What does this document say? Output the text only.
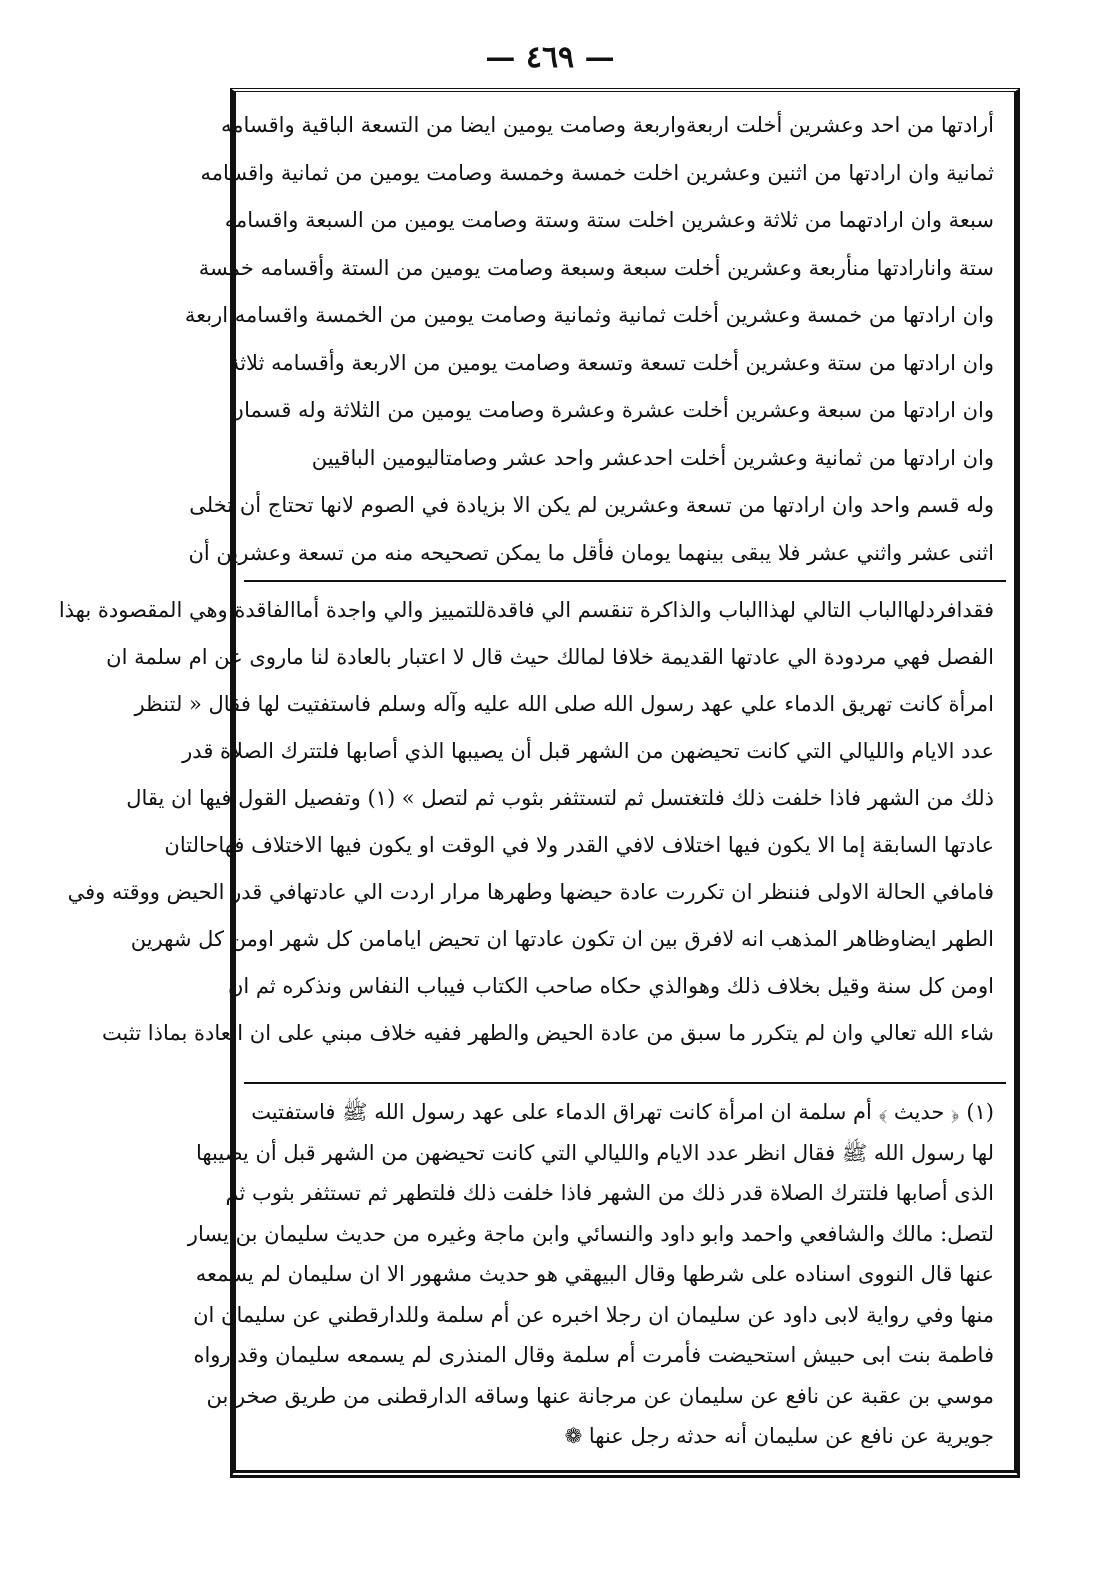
— ٤٦٩ —

أرادتها من احد وعشرين أخلت اربعةواربعة وصامت يومين ايضا من التسعة الباقية واقسامه

ثمانية وان ارادتها من اثنين وعشرين اخلت خمسة وخمسة وصامت يومين من ثمانية واقسامه

سبعة وان ارادتهما من ثلاثة وعشرين اخلت ستة وستة وصامت يومين من السبعة واقسامه

ستة وانارادتها منأربعة وعشرين أخلت سبعة وسبعة وصامت يومين من الستة وأقسامه خمسة

وان ارادتها من خمسة وعشرين أخلت ثمانية وثمانية وصامت يومين من الخمسة واقسامه اربعة

وان ارادتها من ستة وعشرين أخلت تسعة وتسعة وصامت يومين من الاربعة وأقسامه ثلاثة

وان ارادتها من سبعة وعشرين أخلت عشرة وعشرة وصامت يومين من الثلاثة وله قسمان

وان ارادتها من ثمانية وعشرين أخلت احدعشر واحد عشر وصامتاليومين الباقيين

وله قسم واحد وان ارادتها من تسعة وعشرين لم يكن الا بزيادة في الصوم لانها تحتاج أن تخلى

اثنى عشر واثني عشر فلا يبقى بينهما يومان فأقل ما يمكن تصحيحه منه من تسعة وعشرين أن

فقدافردلهاالباب التالي لهذاالباب والذاكرة تنقسم الي فاقدةللتمييز والي واجدة أماالفاقدة وهي المقصودة بهذا

الفصل فهي مردودة الي عادتها القديمة خلافا لمالك حيث قال لا اعتبار بالعادة لنا ماروى عن ام سلمة ان

امرأة كانت تهريق الدماء علي عهد رسول الله صلى الله عليه وآله وسلم فاستفتيت لها فقال « لتنظر

عدد الايام والليالي التي كانت تحيضهن من الشهر قبل أن يصيبها الذي أصابها فلتترك الصلاة قدر

ذلك من الشهر فاذا خلفت ذلك فلتغتسل ثم لتستثفر بثوب ثم لتصل » (١) وتفصيل القول فيها ان يقال

عادتها السابقة إما الا يكون فيها اختلاف لافي القدر ولا في الوقت او يكون فيها الاختلاف فهاحالتان

فامافي الحالة الاولى فننظر ان تكررت عادة حيضها وطهرها مرار اردت الي عادتهافي قدر الحيض ووقته وفي

الطهر ايضاوظاهر المذهب انه لافرق بين ان تكون عادتها ان تحيض ايامامن كل شهر اومن كل شهرين

اومن كل سنة وقيل بخلاف ذلك وهوالذي حكاه صاحب الكتاب فيباب النفاس ونذكره ثم ان

شاء الله تعالي وان لم يتكرر ما سبق من عادة الحيض والطهر ففيه خلاف مبني على ان العادة بماذا تثبت

(١) ﴿ حديث ﴾ أم سلمة ان امرأة كانت تهراق الدماء على عهد رسول الله ﷺ فاستفتيت

لها رسول الله ﷺ فقال انظر عدد الايام والليالي التي كانت تحيضهن من الشهر قبل أن يصيبها

الذى أصابها فلتترك الصلاة قدر ذلك من الشهر فاذا خلفت ذلك فلتطهر ثم تستثفر بثوب ثم

لتصل: مالك والشافعي واحمد وابو داود والنسائي وابن ماجة وغيره من حديث سليمان بن يسار

عنها قال النووى اسناده على شرطها وقال البيهقي هو حديث مشهور الا ان سليمان لم يسمعه

منها وفي رواية لابى داود عن سليمان ان رجلا اخبره عن أم سلمة وللدارقطني عن سليمان ان

فاطمة بنت ابى حبيش استحيضت فأمرت أم سلمة وقال المنذرى لم يسمعه سليمان وقد رواه

موسي بن عقبة عن نافع عن سليمان عن مرجانة عنها وساقه الدارقطنى من طريق صخر بن

جويرية عن نافع عن سليمان أنه حدثه رجل عنها ❁
